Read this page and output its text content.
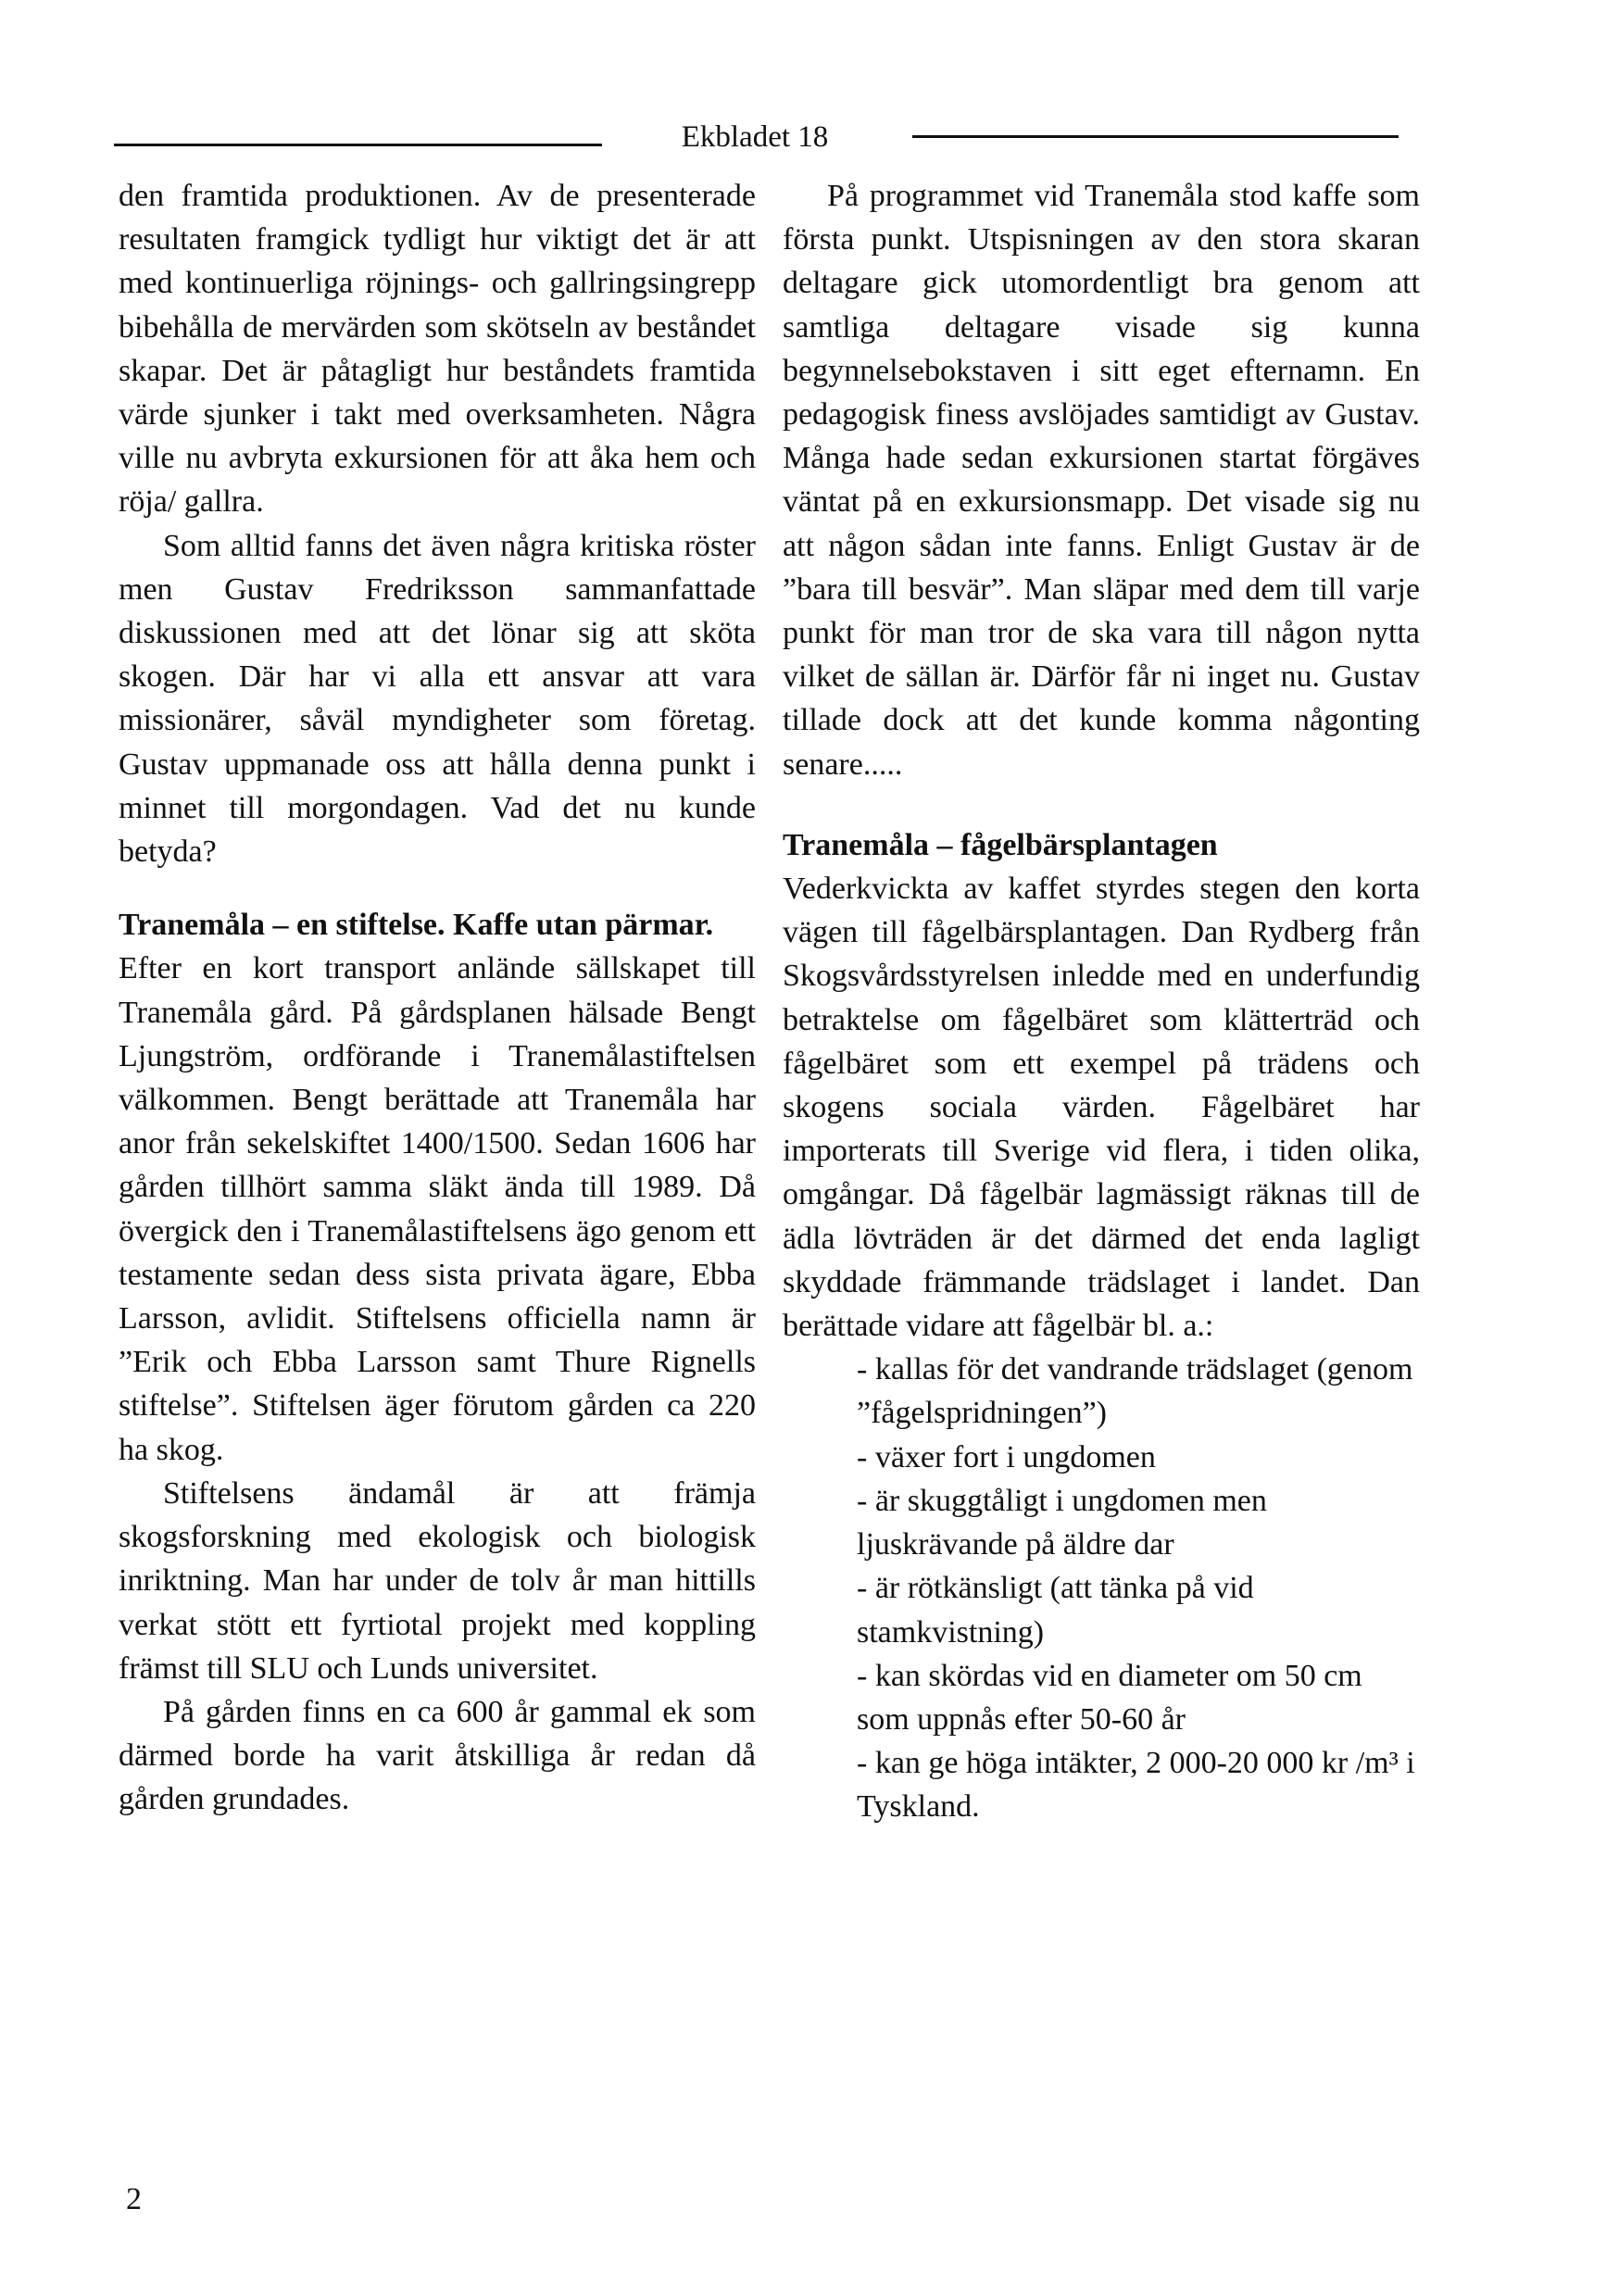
Ekbladet 18

den framtida produktionen. Av de presenterade resultaten framgick tydligt hur viktigt det är att med kontinuerliga röjnings- och gallringsingrepp bibehålla de mervärden som skötseln av beståndet skapar. Det är påtagligt hur beståndets framtida värde sjunker i takt med overksamheten. Några ville nu avbryta exkursionen för att åka hem och röja/ gallra.

Som alltid fanns det även några kritiska röster men Gustav Fredriksson sammanfattade diskussionen med att det lönar sig att sköta skogen. Där har vi alla ett ansvar att vara missionärer, såväl myndigheter som företag. Gustav uppmanade oss att hålla denna punkt i minnet till morgondagen. Vad det nu kunde betyda?

Tranemåla – en stiftelse. Kaffe utan pärmar.

Efter en kort transport anlände sällskapet till Tranemåla gård. På gårdsplanen hälsade Bengt Ljungström, ordförande i Tranemålastiftelsen välkommen. Bengt berättade att Tranemåla har anor från sekelskiftet 1400/1500. Sedan 1606 har gården tillhört samma släkt ända till 1989. Då övergick den i Tranemålastiftelsens ägo genom ett testamente sedan dess sista privata ägare, Ebba Larsson, avlidit. Stiftelsens officiella namn är ”Erik och Ebba Larsson samt Thure Rignells stiftelse”. Stiftelsen äger förutom gården ca 220 ha skog.

Stiftelsens ändamål är att främja skogsforskning med ekologisk och biologisk inriktning. Man har under de tolv år man hittills verkat stött ett fyrtiotal projekt med koppling främst till SLU och Lunds universitet.

På gården finns en ca 600 år gammal ek som därmed borde ha varit åtskilliga år redan då gården grundades.

På programmet vid Tranemåla stod kaffe som första punkt. Utspisningen av den stora skaran deltagare gick utomordentligt bra genom att samtliga deltagare visade sig kunna begynnelsebokstaven i sitt eget efternamn. En pedagogisk finess avslöjades samtidigt av Gustav. Många hade sedan exkursionen startat förgäves väntat på en exkursionsmapp. Det visade sig nu att någon sådan inte fanns. Enligt Gustav är de ”bara till besvär”. Man släpar med dem till varje punkt för man tror de ska vara till någon nytta vilket de sällan är. Därför får ni inget nu. Gustav tillade dock att det kunde komma någonting senare.....

Tranemåla – fågelbärsplantagen

Vederkvickta av kaffet styrdes stegen den korta vägen till fågelbärsplantagen. Dan Rydberg från Skogsvårdsstyrelsen inledde med en underfundig betraktelse om fågelbäret som klätterträd och fågelbäret som ett exempel på trädens och skogens sociala värden. Fågelbäret har importerats till Sverige vid flera, i tiden olika, omgångar. Då fågelbär lagmässigt räknas till de ädla lövträden är det därmed det enda lagligt skyddade främmande trädslaget i landet. Dan berättade vidare att fågelbär bl. a.:

- kallas för det vandrande trädslaget (genom ”fågelspridningen”)
- växer fort i ungdomen
- är skuggtåligt i ungdomen men ljuskrävande på äldre dar
- är rötkänsligt (att tänka på vid stamkvistning)
- kan skördas vid en diameter om 50 cm som uppnås efter 50-60 år
- kan ge höga intäkter, 2 000-20 000 kr /m³ i Tyskland.
2
